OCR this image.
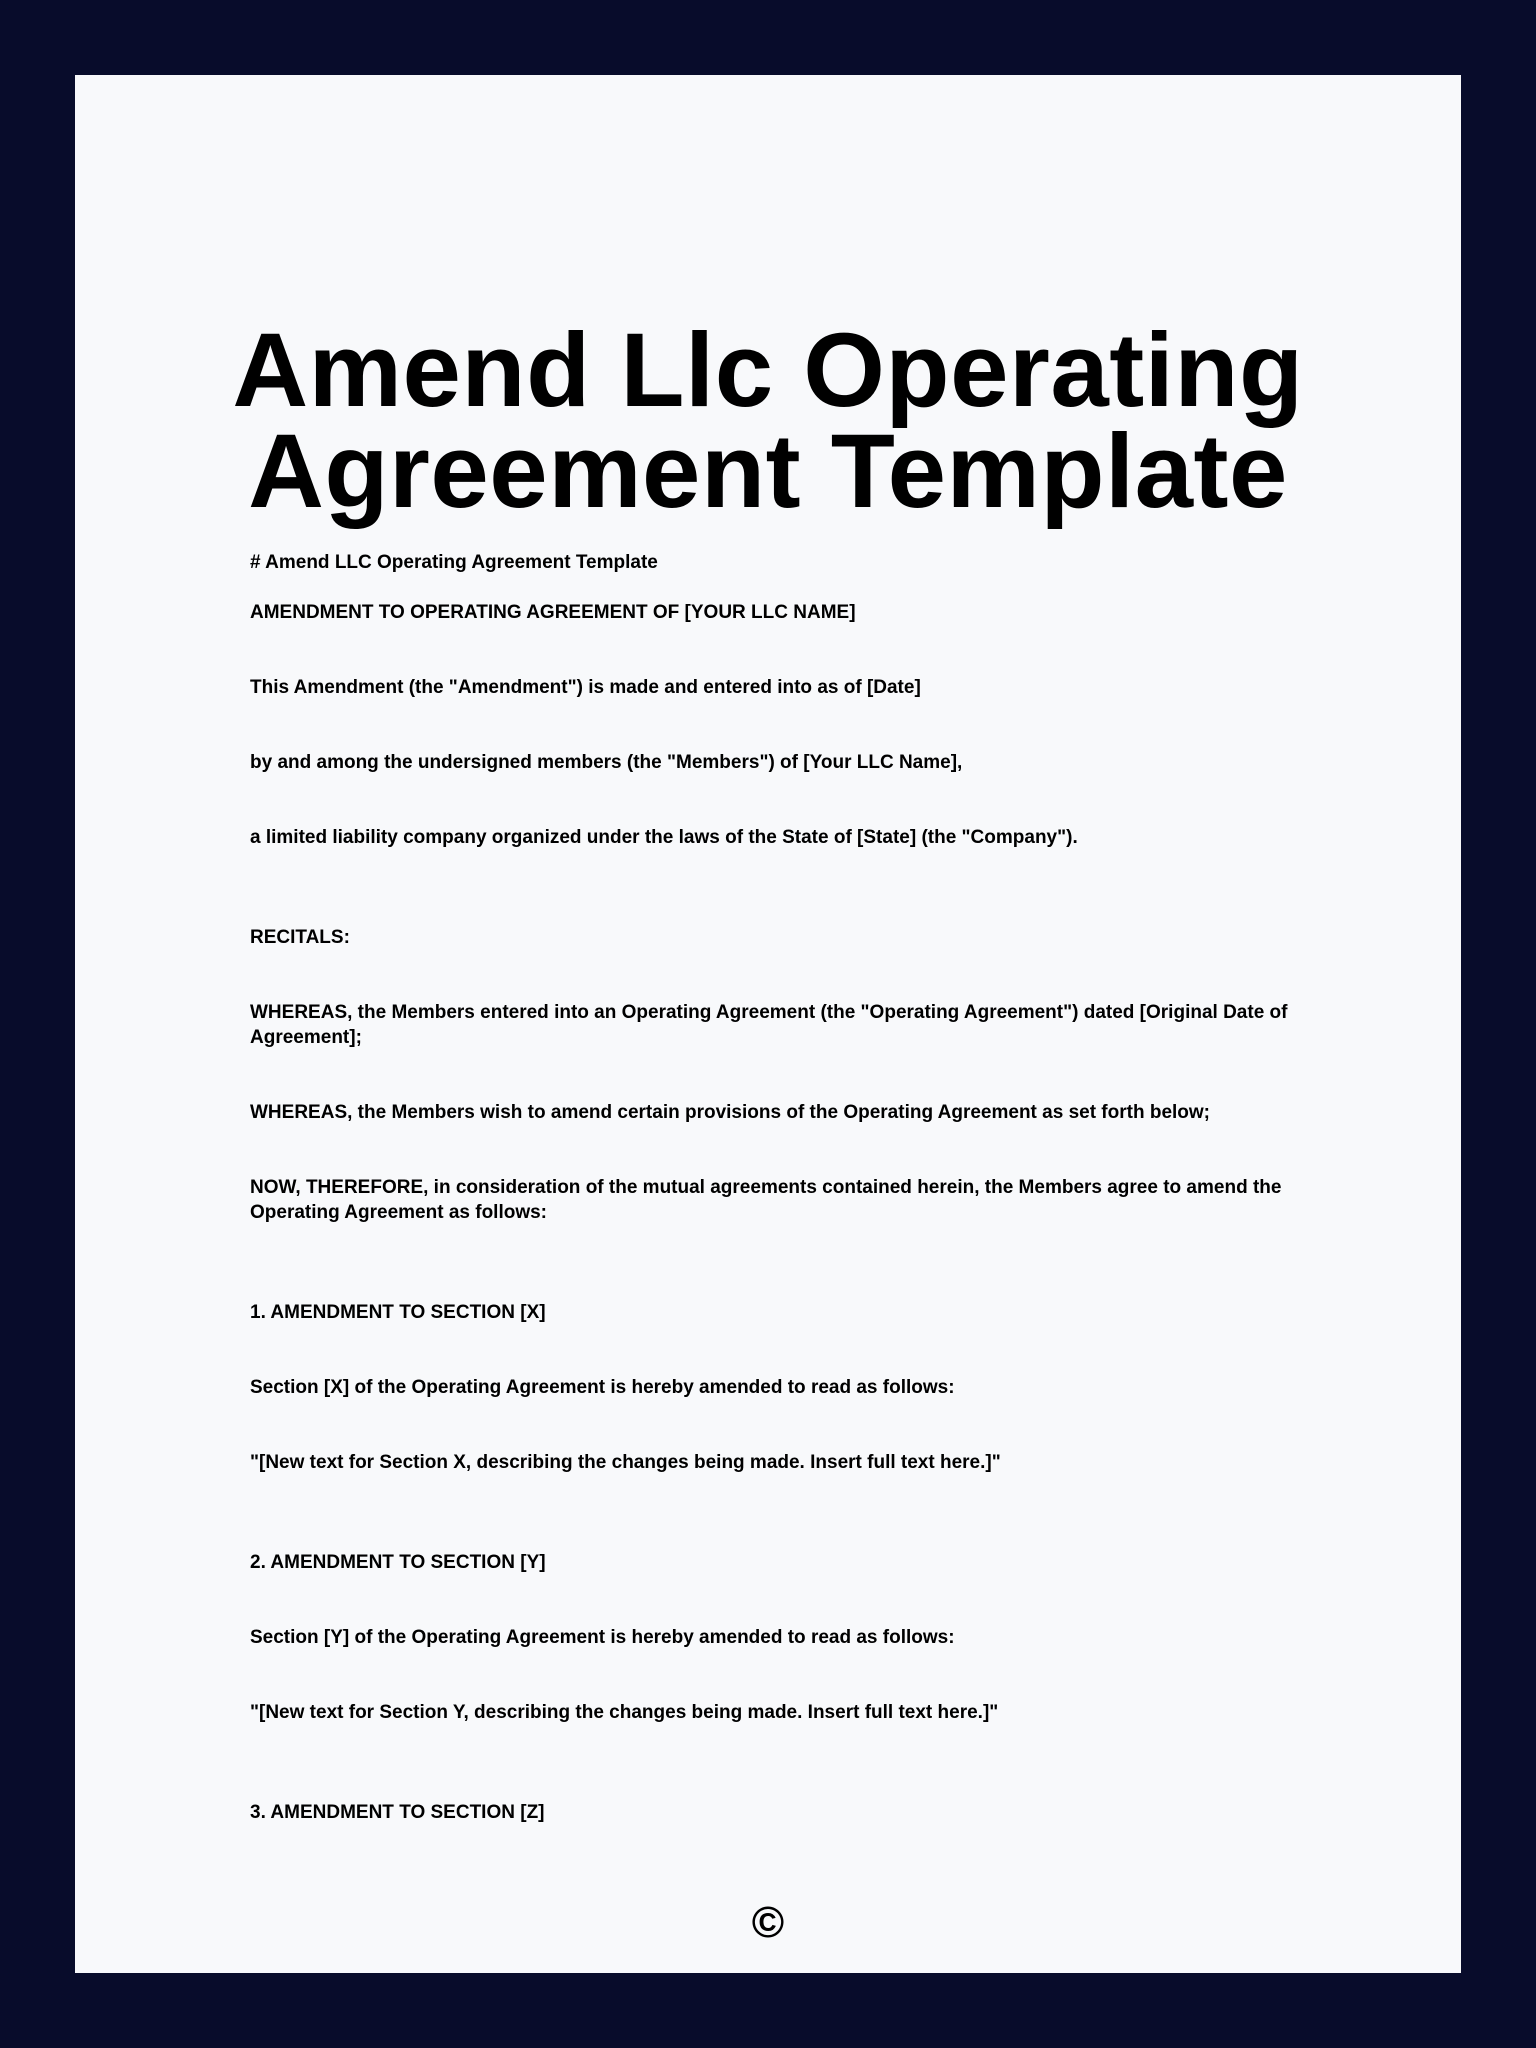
Amend Llc Operating
Agreement Template

# Amend LLC Operating Agreement Template

AMENDMENT TO OPERATING AGREEMENT OF [YOUR LLC NAME]

This Amendment (the "Amendment") is made and entered into as of [Date]

by and among the undersigned members (the "Members") of [Your LLC Name],

a limited liability company organized under the laws of the State of [State] (the "Company").

RECITALS:

WHEREAS, the Members entered into an Operating Agreement (the "Operating Agreement") dated [Original Date of Agreement];

WHEREAS, the Members wish to amend certain provisions of the Operating Agreement as set forth below;

NOW, THEREFORE, in consideration of the mutual agreements contained herein, the Members agree to amend the Operating Agreement as follows:

1. AMENDMENT TO SECTION [X]

Section [X] of the Operating Agreement is hereby amended to read as follows:

"[New text for Section X, describing the changes being made. Insert full text here.]"

2. AMENDMENT TO SECTION [Y]

Section [Y] of the Operating Agreement is hereby amended to read as follows:

"[New text for Section Y, describing the changes being made. Insert full text here.]"

3. AMENDMENT TO SECTION [Z]

©
